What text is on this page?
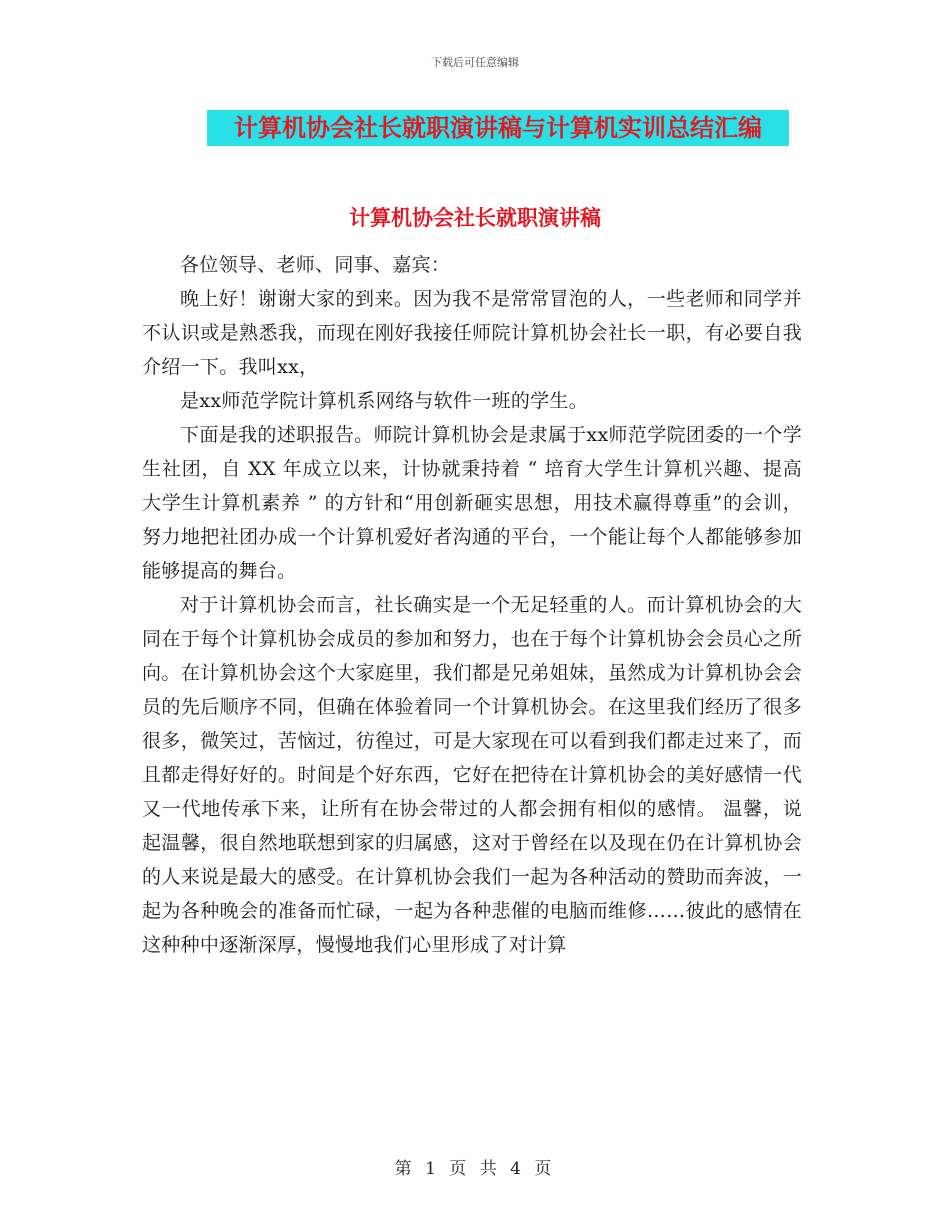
下载后可任意编辑
计算机协会社长就职演讲稿与计算机实训总结汇编
计算机协会社长就职演讲稿

各位领导、老师、同事、嘉宾：

晚上好！谢谢大家的到来。因为我不是常常冒泡的人，一些老师和同学并不认识或是熟悉我，而现在刚好我接任师院计算机协会社长一职，有必要自我介绍一下。我叫xx，

是xx师范学院计算机系网络与软件一班的学生。

下面是我的述职报告。师院计算机协会是隶属于xx师范学院团委的一个学生社团，自 XX 年成立以来，计协就秉持着 “ 培育大学生计算机兴趣、提高大学生计算机素养 ” 的方针和“用创新砸实思想，用技术赢得尊重”的会训，努力地把社团办成一个计算机爱好者沟通的平台，一个能让每个人都能够参加能够提高的舞台。

对于计算机协会而言，社长确实是一个无足轻重的人。而计算机协会的大同在于每个计算机协会成员的参加和努力，也在于每个计算机协会会员心之所向。在计算机协会这个大家庭里，我们都是兄弟姐妹，虽然成为计算机协会会员的先后顺序不同，但确在体验着同一个计算机协会。在这里我们经历了很多很多，微笑过，苦恼过，彷徨过，可是大家现在可以看到我们都走过来了，而且都走得好好的。时间是个好东西，它好在把待在计算机协会的美好感情一代又一代地传承下来，让所有在协会带过的人都会拥有相似的感情。 温馨，说起温馨，很自然地联想到家的归属感，这对于曾经在以及现在仍在计算机协会的人来说是最大的感受。在计算机协会我们一起为各种活动的赞助而奔波，一起为各种晚会的准备而忙碌，一起为各种悲催的电脑而维修……彼此的感情在这种种中逐渐深厚，慢慢地我们心里形成了对计算

第 1 页 共 4 页
